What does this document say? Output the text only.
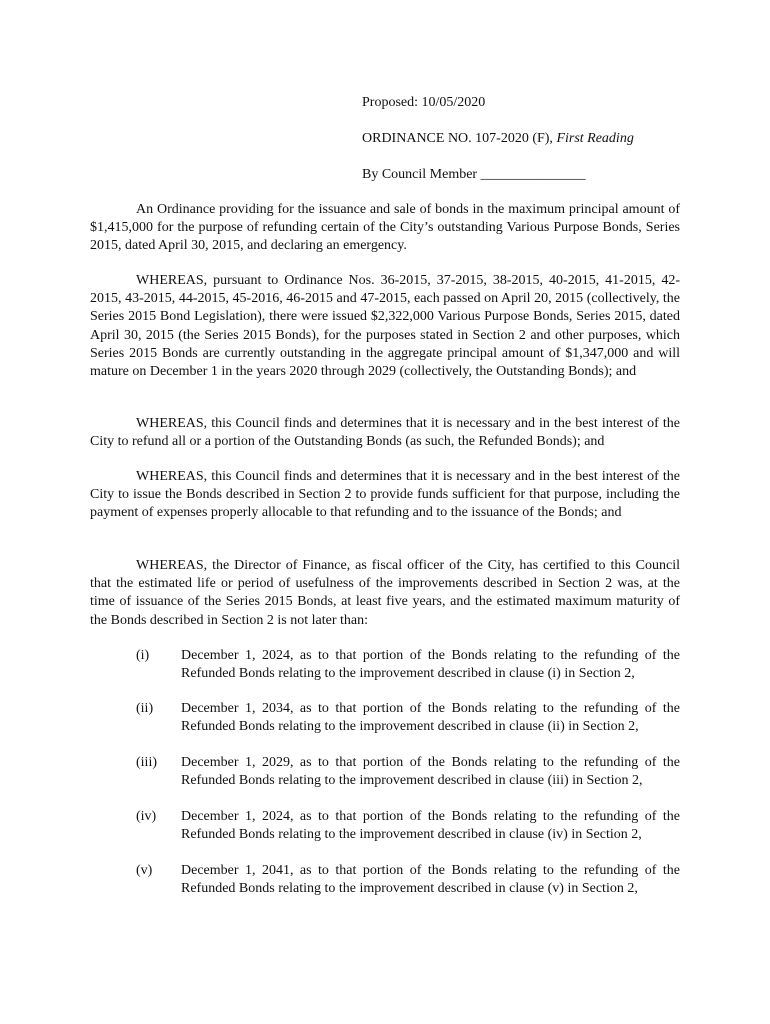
Proposed: 10/05/2020
ORDINANCE NO. 107-2020 (F), First Reading
By Council Member _______________

An Ordinance providing for the issuance and sale of bonds in the maximum principal amount of $1,415,000 for the purpose of refunding certain of the City’s outstanding Various Purpose Bonds, Series 2015, dated April 30, 2015, and declaring an emergency.

WHEREAS, pursuant to Ordinance Nos. 36-2015, 37-2015, 38-2015, 40-2015, 41-2015, 42-2015, 43-2015, 44-2015, 45-2016, 46-2015 and 47-2015, each passed on April 20, 2015 (collectively, the Series 2015 Bond Legislation), there were issued $2,322,000 Various Purpose Bonds, Series 2015, dated April 30, 2015 (the Series 2015 Bonds), for the purposes stated in Section 2 and other purposes, which Series 2015 Bonds are currently outstanding in the aggregate principal amount of $1,347,000 and will mature on December 1 in the years 2020 through 2029 (collectively, the Outstanding Bonds); and

WHEREAS, this Council finds and determines that it is necessary and in the best interest of the City to refund all or a portion of the Outstanding Bonds (as such, the Refunded Bonds); and

WHEREAS, this Council finds and determines that it is necessary and in the best interest of the City to issue the Bonds described in Section 2 to provide funds sufficient for that purpose, including the payment of expenses properly allocable to that refunding and to the issuance of the Bonds; and

WHEREAS, the Director of Finance, as fiscal officer of the City, has certified to this Council that the estimated life or period of usefulness of the improvements described in Section 2 was, at the time of issuance of the Series 2015 Bonds, at least five years, and the estimated maximum maturity of the Bonds described in Section 2 is not later than:

(i) December 1, 2024, as to that portion of the Bonds relating to the refunding of the Refunded Bonds relating to the improvement described in clause (i) in Section 2,
(ii) December 1, 2034, as to that portion of the Bonds relating to the refunding of the Refunded Bonds relating to the improvement described in clause (ii) in Section 2,
(iii) December 1, 2029, as to that portion of the Bonds relating to the refunding of the Refunded Bonds relating to the improvement described in clause (iii) in Section 2,
(iv) December 1, 2024, as to that portion of the Bonds relating to the refunding of the Refunded Bonds relating to the improvement described in clause (iv) in Section 2,
(v) December 1, 2041, as to that portion of the Bonds relating to the refunding of the Refunded Bonds relating to the improvement described in clause (v) in Section 2,
